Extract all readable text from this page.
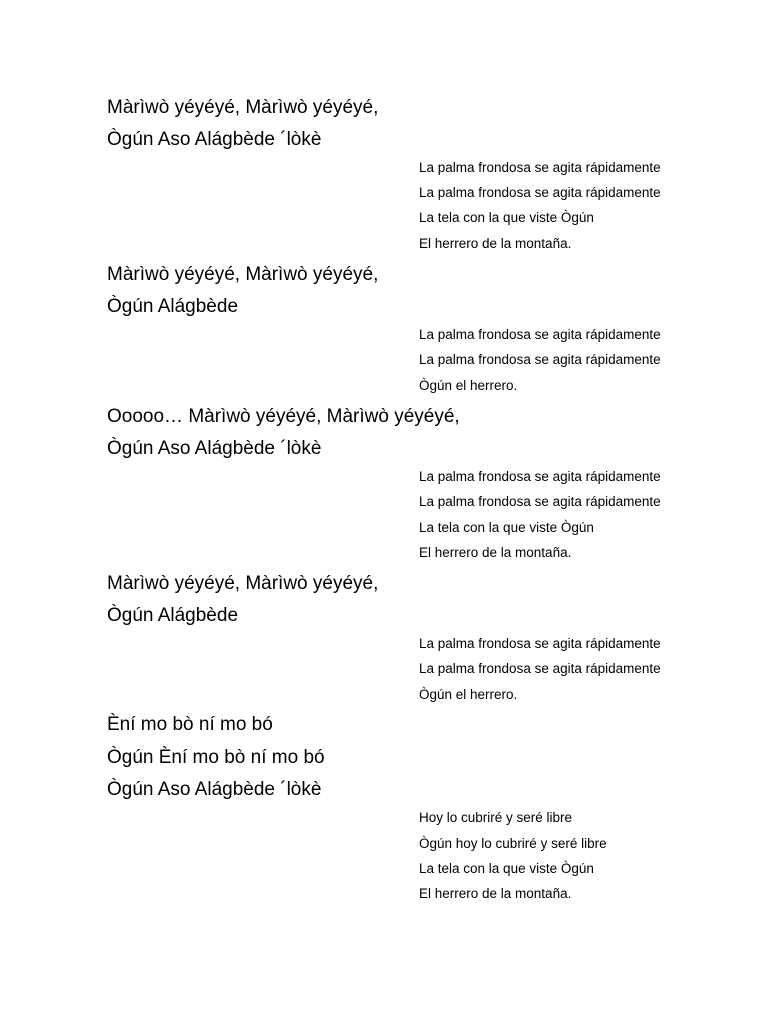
Màrìwò yéyéyé, Màrìwò yéyéyé,
Ògún Aso Alágbède ´lòkè
La palma frondosa se agita rápidamente
La palma frondosa se agita rápidamente
La tela con la que viste Ògún
El herrero de la montaña.
Màrìwò yéyéyé, Màrìwò yéyéyé,
Ògún Alágbède
La palma frondosa se agita rápidamente
La palma frondosa se agita rápidamente
Ògún el herrero.
Ooooo… Màrìwò yéyéyé, Màrìwò yéyéyé,
Ògún Aso Alágbède ´lòkè
La palma frondosa se agita rápidamente
La palma frondosa se agita rápidamente
La tela con la que viste Ògún
El herrero de la montaña.
Màrìwò yéyéyé, Màrìwò yéyéyé,
Ògún Alágbède
La palma frondosa se agita rápidamente
La palma frondosa se agita rápidamente
Ògún el herrero.
Èní mo bò ní mo bó
Ògún Èní mo bò ní mo bó
Ògún Aso Alágbède ´lòkè
Hoy lo cubriré y seré libre
Ògún hoy lo cubriré y seré libre
La tela con la que viste Ògún
El herrero de la montaña.
